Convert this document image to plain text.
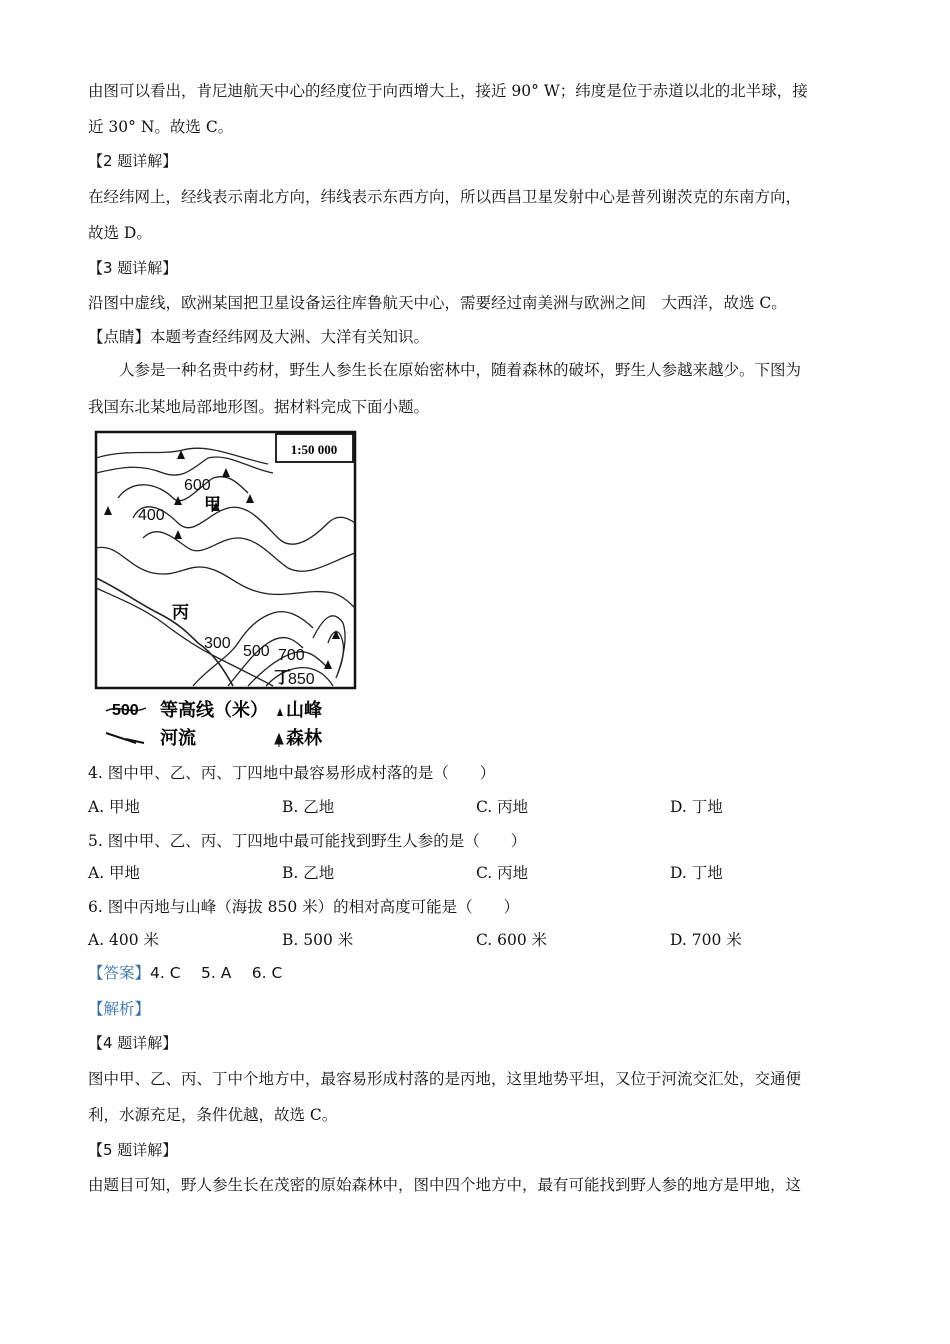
由图可以看出，肯尼迪航天中心的经度位于向西增大上，接近 90° W；纬度是位于赤道以北的北半球，接
近 30° N。故选 C。
【2 题详解】
在经纬网上，经线表示南北方向，纬线表示东西方向，所以西昌卫星发射中心是普列谢茨克的东南方向，
故选 D。
【3 题详解】
沿图中虚线，欧洲某国把卫星设备运往库鲁航天中心，需要经过南美洲与欧洲之间　大西洋，故选 C。
【点睛】本题考查经纬网及大洲、大洋有关知识。
　　人参是一种名贵中药材，野生人参生长在原始密林中，随着森林的破坏，野生人参越来越少。下图为
我国东北某地局部地形图。据材料完成下面小题。
1:50 000
甲
丙
丁
600
400
300 500 700
850
500 等高线（米） 山峰
河流	森林
4. 图中甲、乙、丙、丁四地中最容易形成村落的是（　　）
A. 甲地	B. 乙地	C. 丙地	D. 丁地
5. 图中甲、乙、丙、丁四地中最可能找到野生人参的是（　　）
A. 甲地	B. 乙地	C. 丙地	D. 丁地
6. 图中丙地与山峰（海拔 850 米）的相对高度可能是（　　）
A. 400 米	B. 500 米	C. 600 米	D. 700 米
【答案】4. C　 5. A　 6. C
【解析】
【4 题详解】
图中甲、乙、丙、丁中个地方中，最容易形成村落的是丙地，这里地势平坦，又位于河流交汇处，交通便
利，水源充足，条件优越，故选 C。
【5 题详解】
由题目可知，野人参生长在茂密的原始森林中，图中四个地方中，最有可能找到野人参的地方是甲地，这
